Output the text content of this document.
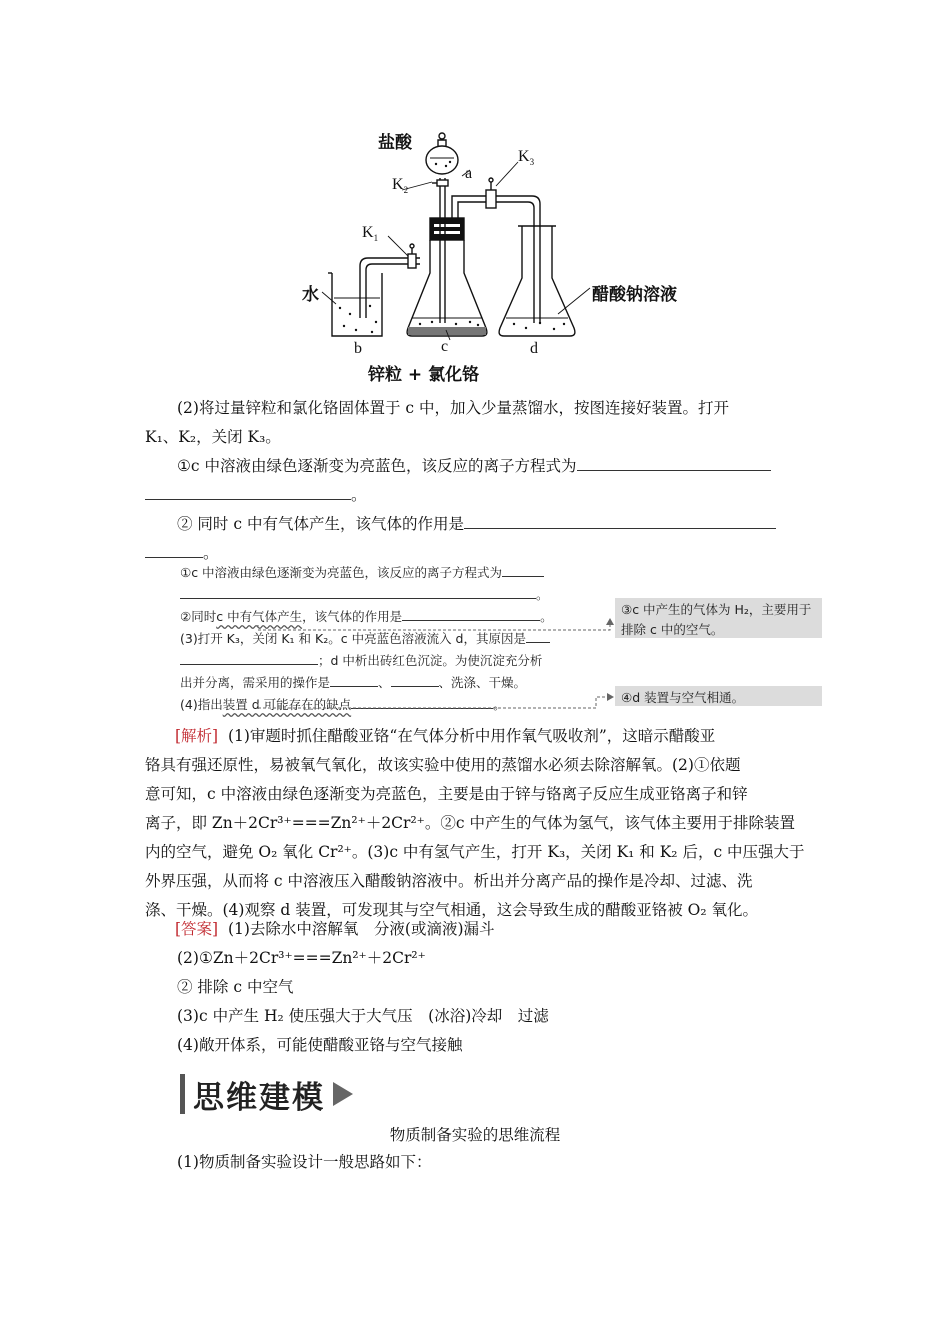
盐酸
$K_3$
a
$K_2$
$K_1$
水	醋酸钠溶液
b	c	d
锌粒 + 氯化铬
(2)将过量锌粒和氯化铬固体置于 c 中，加入少量蒸馏水，按图连接好装置。打开
K₁、K₂，关闭 K₃。
①c 中溶液由绿色逐渐变为亮蓝色，该反应的离子方程式为
。
② 同时 c 中有气体产生，该气体的作用是
。
①c 中溶液由绿色逐渐变为亮蓝色，该反应的离子方程式为
。
②同时c 中有气体产生，该气体的作用是	。
(3)打开 K₃，关闭 K₁ 和 K₂。c 中亮蓝色溶液流入 d，其原因是
；d 中析出砖红色沉淀。为使沉淀充分析
出并分离，需采用的操作是	、	、洗涤、干燥。
(4)指出装置 d 可能存在的缺点	。
③c 中产生的气体为 H₂，主要用于排除 c 中的空气。
④d 装置与空气相通。
[解析] (1)审题时抓住醋酸亚铬“在气体分析中用作氧气吸收剂”，这暗示醋酸亚
铬具有强还原性，易被氧气氧化，故该实验中使用的蒸馏水必须去除溶解氧。(2)①依题
意可知，c 中溶液由绿色逐渐变为亮蓝色，主要是由于锌与铬离子反应生成亚铬离子和锌
离子，即 Zn＋2Cr³⁺===Zn²⁺＋2Cr²⁺。②c 中产生的气体为氢气，该气体主要用于排除装置
内的空气，避免 O₂ 氧化 Cr²⁺。(3)c 中有氢气产生，打开 K₃，关闭 K₁ 和 K₂ 后，c 中压强大于
外界压强，从而将 c 中溶液压入醋酸钠溶液中。析出并分离产品的操作是冷却、过滤、洗
涤、干燥。(4)观察 d 装置，可发现其与空气相通，这会导致生成的醋酸亚铬被 O₂ 氧化。
[答案] (1)去除水中溶解氧　分液(或滴液)漏斗
(2)①Zn＋2Cr³⁺===Zn²⁺＋2Cr²⁺
② 排除 c 中空气
(3)c 中产生 H₂ 使压强大于大气压　(冰浴)冷却　过滤
(4)敞开体系，可能使醋酸亚铬与空气接触
思维建模
物质制备实验的思维流程
(1)物质制备实验设计一般思路如下：
